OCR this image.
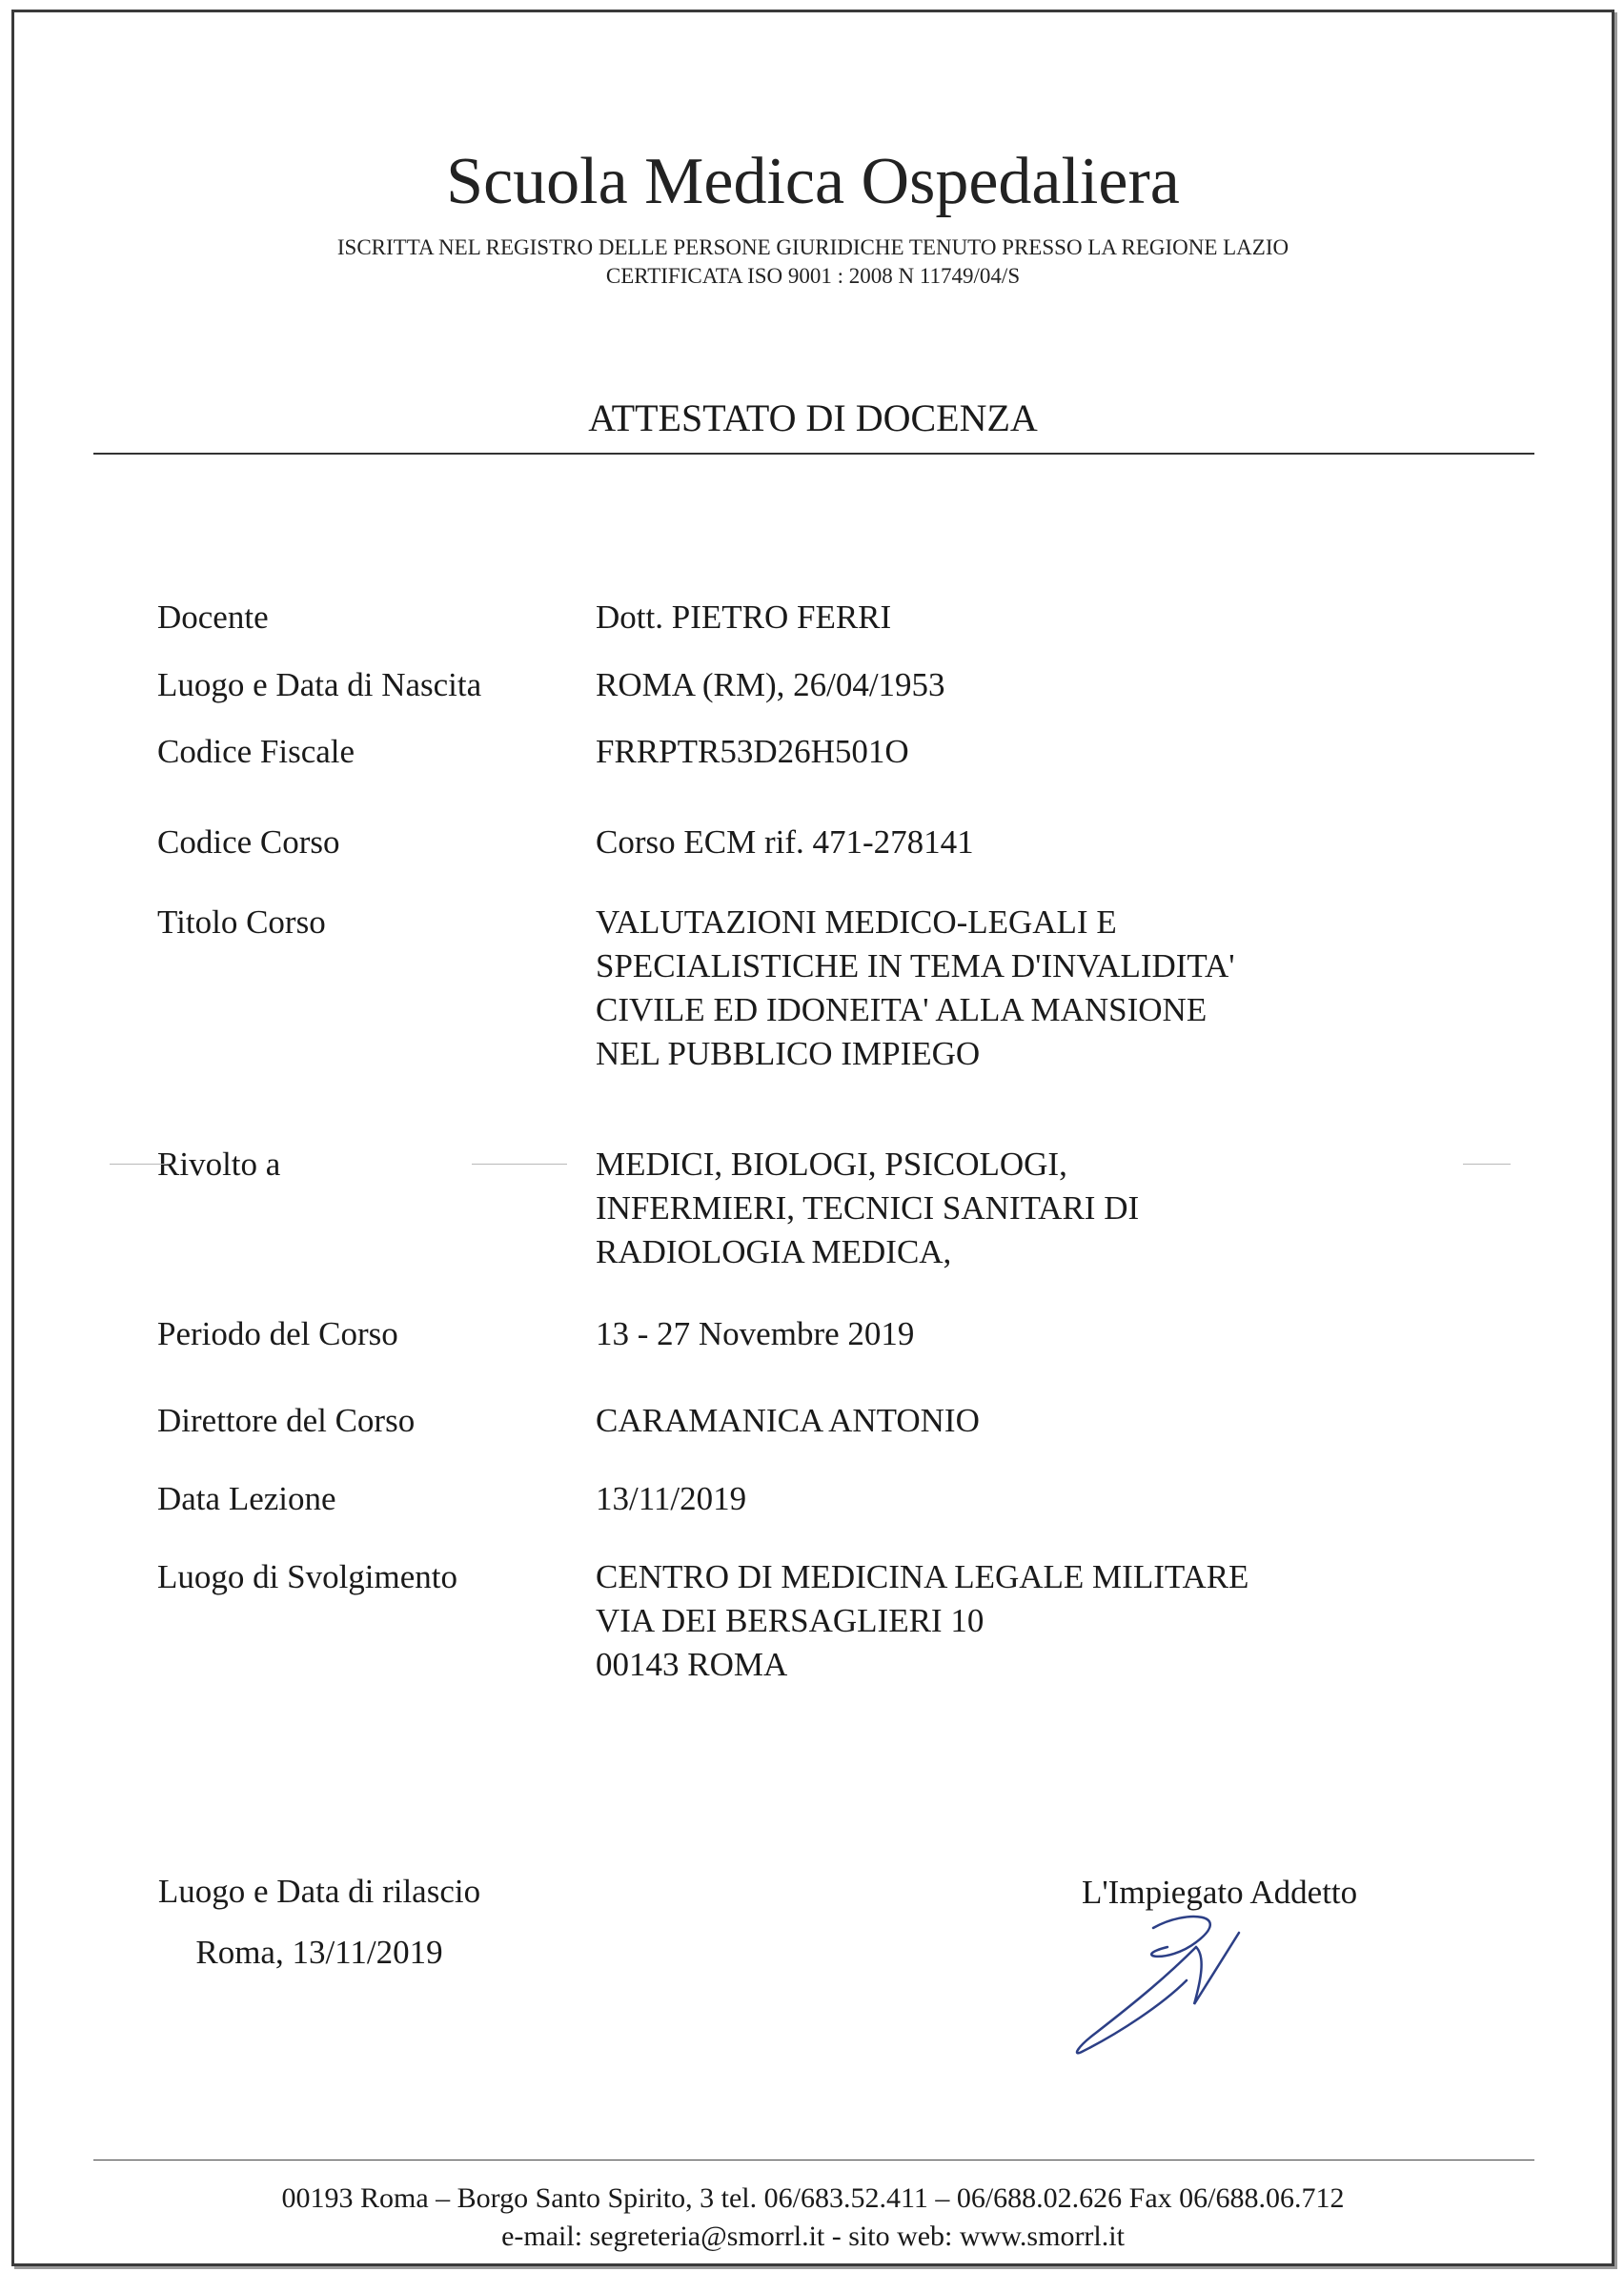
Scuola Medica Ospedaliera
ISCRITTA NEL REGISTRO DELLE PERSONE GIURIDICHE TENUTO PRESSO LA REGIONE LAZIO
CERTIFICATA ISO 9001 : 2008 N 11749/04/S
ATTESTATO DI DOCENZA
Docente	Dott. PIETRO FERRI
Luogo e Data di Nascita	ROMA (RM), 26/04/1953
Codice Fiscale	FRRPTR53D26H501O
Codice Corso	Corso ECM rif. 471-278141
Titolo Corso	VALUTAZIONI MEDICO-LEGALI E
SPECIALISTICHE IN TEMA D'INVALIDITA'
CIVILE ED IDONEITA' ALLA MANSIONE
NEL PUBBLICO IMPIEGO
Rivolto a	MEDICI, BIOLOGI, PSICOLOGI,
INFERMIERI, TECNICI SANITARI DI
RADIOLOGIA MEDICA,
Periodo del Corso	13 - 27 Novembre 2019
Direttore del Corso	CARAMANICA ANTONIO
Data Lezione	13/11/2019
Luogo di Svolgimento	CENTRO DI MEDICINA LEGALE MILITARE
VIA DEI BERSAGLIERI 10
00143 ROMA
Luogo e Data di rilascio
Roma, 13/11/2019
L'Impiegato Addetto
00193 Roma – Borgo Santo Spirito, 3 tel. 06/683.52.411 – 06/688.02.626 Fax 06/688.06.712
e-mail: segreteria@smorrl.it - sito web: www.smorrl.it
